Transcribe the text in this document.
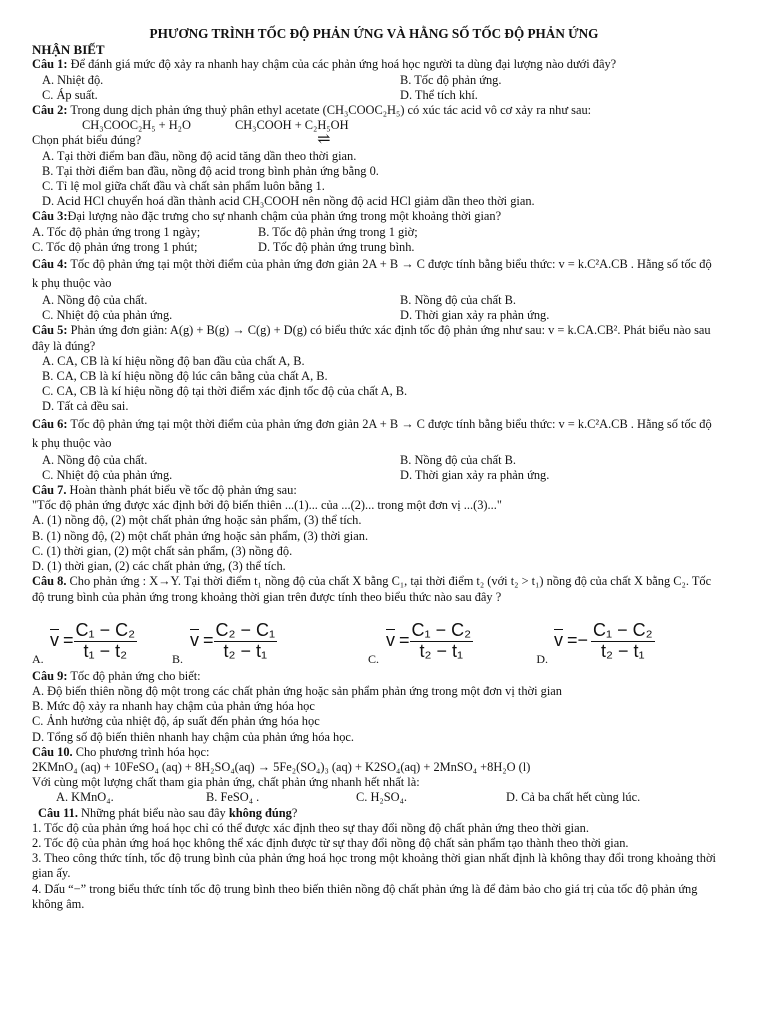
PHƯƠNG TRÌNH TỐC ĐỘ PHẢN ỨNG VÀ HẰNG SỐ TỐC ĐỘ PHẢN ỨNG
NHẬN BIẾT

Câu 1: Để đánh giá mức độ xảy ra nhanh hay chậm của các phản ứng hoá học người ta dùng đại lượng nào dưới đây?

A. Nhiệt độ.	B. Tốc độ phản ứng.
C. Áp suất.	D. Thể tích khí.

Câu 2: Trong dung dịch phản ứng thuỷ phân ethyl acetate (CH₃COOC₂H₅) có xúc tác acid vô cơ xảy ra như sau:

CH₃COOC₂H₅ + H₂O	CH₃COOH + C₂H₅OH

Chọn phát biểu đúng?	⇌

A. Tại thời điểm ban đầu, nồng độ acid tăng dần theo thời gian.
B. Tại thời điểm ban đầu, nồng độ acid trong bình phản ứng bằng 0.
C. Tỉ lệ mol giữa chất đầu và chất sản phẩm luôn bằng 1.
D. Acid HCl chuyển hoá dần thành acid CH₃COOH nên nồng độ acid HCl giảm dần theo thời gian.

Câu 3:Đại lượng nào đặc trưng cho sự nhanh chậm của phản ứng trong một khoảng thời gian?

A. Tốc độ phản ứng trong 1 ngày;	B. Tốc độ phản ứng trong 1 giờ;
C. Tốc độ phản ứng trong 1 phút;	D. Tốc độ phản ứng trung bình.

Câu 4: Tốc độ phản ứng tại một thời điểm của phản ứng đơn giản 2A + B → C được tính bằng biểu thức: v = k.C²A.CB . Hằng số tốc độ k phụ thuộc vào

A. Nồng độ của chất.	B. Nồng độ của chất B.
C. Nhiệt độ của phản ứng.	D. Thời gian xảy ra phản ứng.

Câu 5: Phản ứng đơn giản: A(g) + B(g) → C(g) + D(g) có biểu thức xác định tốc độ phản ứng như sau: v = k.CA.CB². Phát biểu nào sau đây là đúng?

A. CA, CB là kí hiệu nồng độ ban đầu của chất A, B.
B. CA, CB là kí hiệu nồng độ lúc cân bằng của chất A, B.
C. CA, CB là kí hiệu nồng độ tại thời điểm xác định tốc độ của chất A, B.
D. Tất cả đều sai.

Câu 6: Tốc độ phản ứng tại một thời điểm của phản ứng đơn giản 2A + B → C được tính bằng biểu thức: v = k.C²A.CB . Hằng số tốc độ k phụ thuộc vào

A. Nồng độ của chất.	B. Nồng độ của chất B.
C. Nhiệt độ của phản ứng.	D. Thời gian xảy ra phản ứng.

Câu 7. Hoàn thành phát biểu về tốc độ phản ứng sau:

"Tốc độ phản ứng được xác định bởi độ biến thiên ...(1)... của ...(2)... trong một đơn vị ...(3)..."

A. (1) nồng độ, (2) một chất phản ứng hoặc sản phẩm, (3) thể tích.
B. (1) nồng độ, (2) một chất phản ứng hoặc sản phẩm, (3) thời gian.
C. (1) thời gian, (2) một chất sản phẩm, (3) nồng độ.
D. (1) thời gian, (2) các chất phản ứng, (3) thể tích.

Câu 8. Cho phản ứng : X→Y. Tại thời điểm t₁ nồng độ của chất X bằng C₁, tại thời điểm t₂ (với t₂ > t₁) nồng độ của chất X bằng C₂. Tốc độ trung bình của phản ứng trong khoảng thời gian trên được tính theo biểu thức nào sau đây ?

A.
$\overline{v} = \frac{\text{C₁ − C₂}}{\text{t₁ − t₂}}$	B.
$\overline{v} = \frac{\text{C₂ − C₁}}{\text{t₂ − t₁}}$	C.
$\overline{v} = \frac{\text{C₁ − C₂}}{\text{t₂ − t₁}}$	D.
$\overline{v}$ = − $\frac{\text{C₁ − C₂}}{\text{t₂ − t₁}}$

Câu 9: Tốc độ phản ứng cho biết:

A. Độ biến thiên nồng độ một trong các chất phản ứng hoặc sản phẩm phản ứng trong một đơn vị thời gian
B. Mức độ xảy ra nhanh hay chậm của phản ứng hóa học
C. Ảnh hưởng của nhiệt độ, áp suất đến phản ứng hóa học
D. Tổng số độ biến thiên nhanh hay chậm của phản ứng hóa học.

Câu 10. Cho phương trình hóa học:

2KMnO₄ (aq) + 10FeSO₄ (aq) + 8H₂SO₄(aq) → 5Fe₂(SO₄)₃ (aq) + K2SO₄(aq) + 2MnSO₄ +8H₂O (l)

Với cùng một lượng chất tham gia phản ứng, chất phản ứng nhanh hết nhất là:

A. KMnO₄.	B. FeSO₄ .	C. H₂SO₄.	D. Cả ba chất hết cùng lúc.

Câu 11. Những phát biểu nào sau đây không đúng?

1. Tốc độ của phản ứng hoá học chỉ có thể được xác định theo sự thay đổi nồng độ chất phản ứng theo thời gian.
2. Tốc độ của phản ứng hoá học không thể xác định được từ sự thay đổi nồng độ chất sản phẩm tạo thành theo thời gian.
3. Theo công thức tính, tốc độ trung bình của phản ứng hoá học trong một khoảng thời gian nhất định là không thay đổi trong khoảng thời gian ấy.
4. Dấu “−” trong biểu thức tính tốc độ trung bình theo biến thiên nồng độ chất phản ứng là để đảm bảo cho giá trị của tốc độ phản ứng không âm.
